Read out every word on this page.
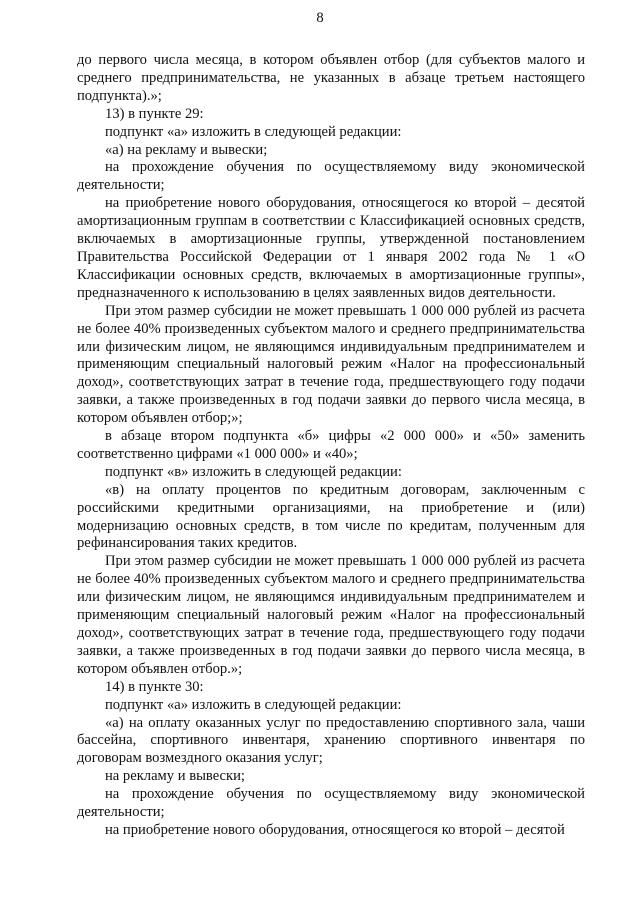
8

до первого числа месяца, в котором объявлен отбор (для субъектов малого и среднего предпринимательства, не указанных в абзаце третьем настоящего подпункта).»;

13) в пункте 29:

подпункт «а» изложить в следующей редакции:

«а) на рекламу и вывески;

на прохождение обучения по осуществляемому виду экономической деятельности;

на приобретение нового оборудования, относящегося ко второй – десятой амортизационным группам в соответствии с Классификацией основных средств, включаемых в амортизационные группы, утвержденной постановлением Правительства Российской Федерации от 1 января 2002 года № 1 «О Классификации основных средств, включаемых в амортизационные группы», предназначенного к использованию в целях заявленных видов деятельности.

При этом размер субсидии не может превышать 1 000 000 рублей из расчета не более 40% произведенных субъектом малого и среднего предпринимательства или физическим лицом, не являющимся индивидуальным предпринимателем и применяющим специальный налоговый режим «Налог на профессиональный доход», соответствующих затрат в течение года, предшествующего году подачи заявки, а также произведенных в год подачи заявки до первого числа месяца, в котором объявлен отбор;»;

в абзаце втором подпункта «б» цифры «2 000 000» и «50» заменить соответственно цифрами «1 000 000» и «40»;

подпункт «в» изложить в следующей редакции:

«в) на оплату процентов по кредитным договорам, заключенным с российскими кредитными организациями, на приобретение и (или) модернизацию основных средств, в том числе по кредитам, полученным для рефинансирования таких кредитов.

При этом размер субсидии не может превышать 1 000 000 рублей из расчета не более 40% произведенных субъектом малого и среднего предпринимательства или физическим лицом, не являющимся индивидуальным предпринимателем и применяющим специальный налоговый режим «Налог на профессиональный доход», соответствующих затрат в течение года, предшествующего году подачи заявки, а также произведенных в год подачи заявки до первого числа месяца, в котором объявлен отбор.»;

14) в пункте 30:

подпункт «а» изложить в следующей редакции:

«а) на оплату оказанных услуг по предоставлению спортивного зала, чаши бассейна, спортивного инвентаря, хранению спортивного инвентаря по договорам возмездного оказания услуг;

на рекламу и вывески;

на прохождение обучения по осуществляемому виду экономической деятельности;

на приобретение нового оборудования, относящегося ко второй – десятой
